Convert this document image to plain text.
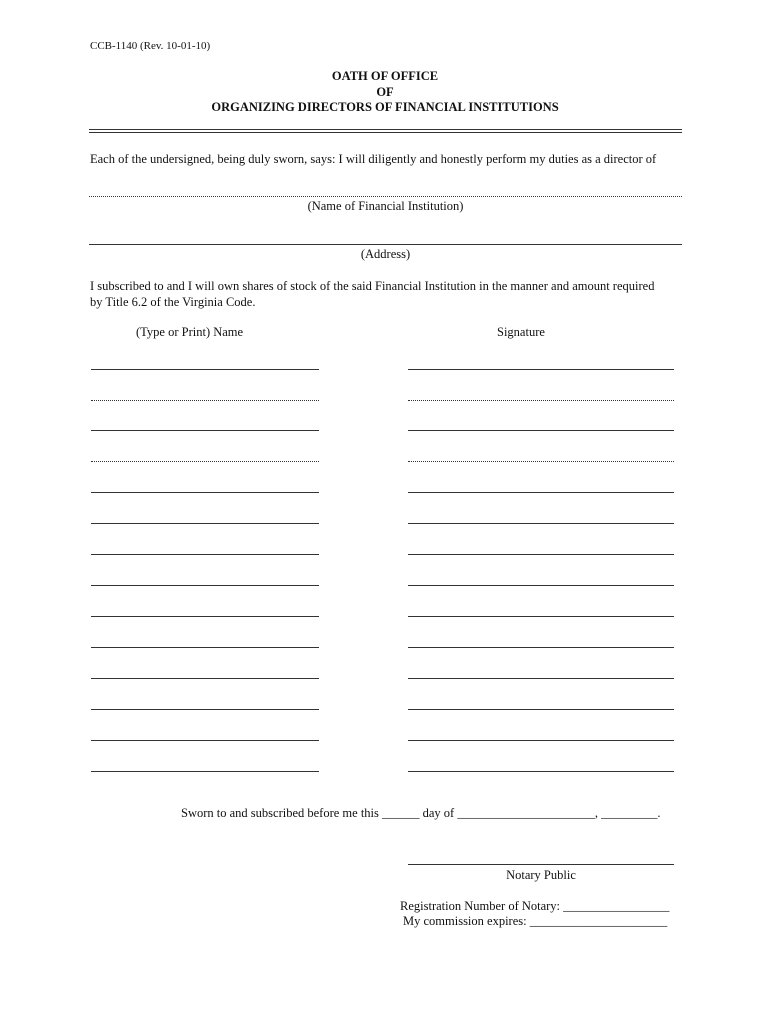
CCB-1140 (Rev. 10-01-10)
OATH OF OFFICE
OF
ORGANIZING DIRECTORS OF FINANCIAL INSTITUTIONS
Each of the undersigned, being duly sworn, says: I will diligently and honestly perform my duties as a director of
(Name of Financial Institution)
(Address)
I subscribed to and I will own shares of stock of the said Financial Institution in the manner and amount required
by Title 6.2 of the Virginia Code.
(Type or Print) Name	Signature
Sworn to and subscribed before me this ______ day of ______________________, _________.
Notary Public
Registration Number of Notary: _________________
My commission expires: ______________________
